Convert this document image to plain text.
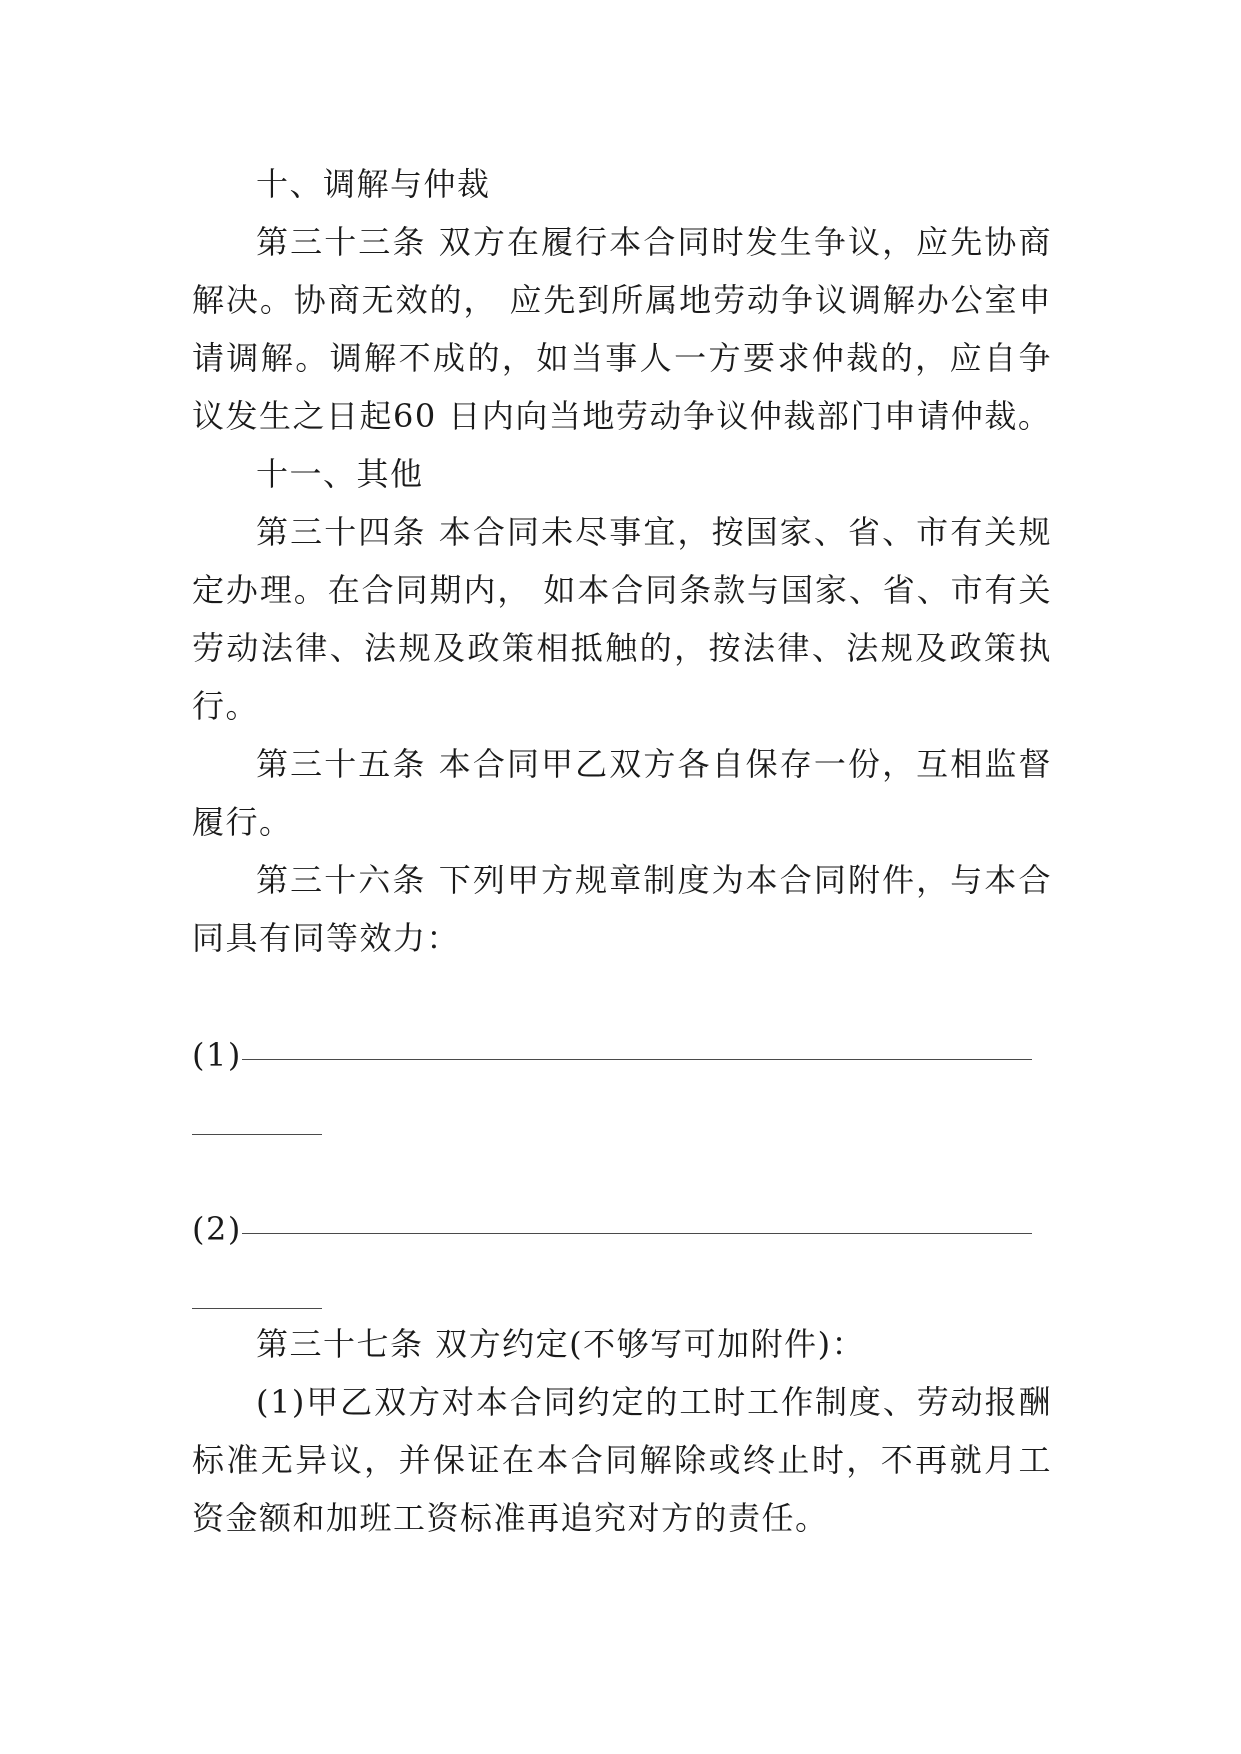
十、调解与仲裁

第三十三条 双方在履行本合同时发生争议，应先协商解决。协商无效的， 应先到所属地劳动争议调解办公室申请调解。调解不成的，如当事人一方要求仲裁的，应自争议发生之日起60 日内向当地劳动争议仲裁部门申请仲裁。

十一、其他

第三十四条 本合同未尽事宜，按国家、省、市有关规定办理。在合同期内， 如本合同条款与国家、省、市有关劳动法律、法规及政策相抵触的，按法律、法规及政策执行。

第三十五条 本合同甲乙双方各自保存一份，互相监督履行。

第三十六条 下列甲方规章制度为本合同附件，与本合同具有同等效力：

(1)
(2)

第三十七条 双方约定(不够写可加附件)：

(1)甲乙双方对本合同约定的工时工作制度、劳动报酬标准无异议，并保证在本合同解除或终止时，不再就月工资金额和加班工资标准再追究对方的责任。
